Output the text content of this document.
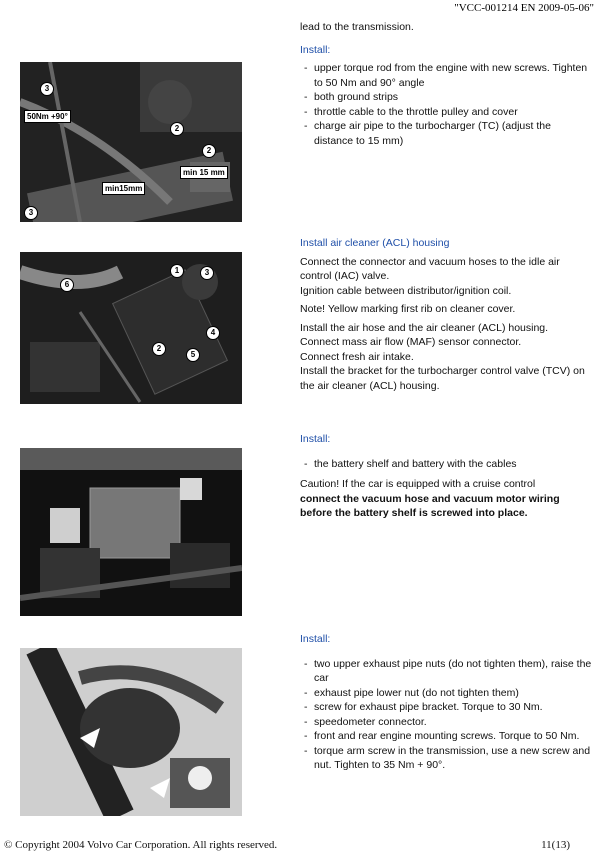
"VCC-001214 EN 2009-05-06"

lead to the transmission.

Install:

- upper torque rod from the engine with new screws. Tighten to 50 Nm and 90° angle
- both ground strips
- throttle cable to the throttle pulley and cover
- charge air pipe to the turbocharger (TC) (adjust the distance to 15 mm)
50Nm +90°
min 15 mm
min15mm
3
2
2
3

Install air cleaner (ACL) housing

Connect the connector and vacuum hoses to the idle air control (IAC) valve.

Ignition cable between distributor/ignition coil.

Note! Yellow marking first rib on cleaner cover.

Install the air hose and the air cleaner (ACL) housing.

Connect mass air flow (MAF) sensor connector.

Connect fresh air intake.

Install the bracket for the turbocharger control valve (TCV) on the air cleaner (ACL) housing.

1	3
6
2
4
5

Install:

- the battery shelf and battery with the cables

Caution! If the car is equipped with a cruise control

connect the vacuum hose and vacuum motor wiring before the battery shelf is screwed into place.

Install:

- two upper exhaust pipe nuts (do not tighten them), raise the car
- exhaust pipe lower nut (do not tighten them)
- screw for exhaust pipe bracket. Torque to 30 Nm.
- speedometer connector.
- front and rear engine mounting screws. Torque to 50 Nm.
- torque arm screw in the transmission, use a new screw and nut. Tighten to 35 Nm + 90°.
© Copyright 2004 Volvo Car Corporation. All rights reserved.	11(13)
